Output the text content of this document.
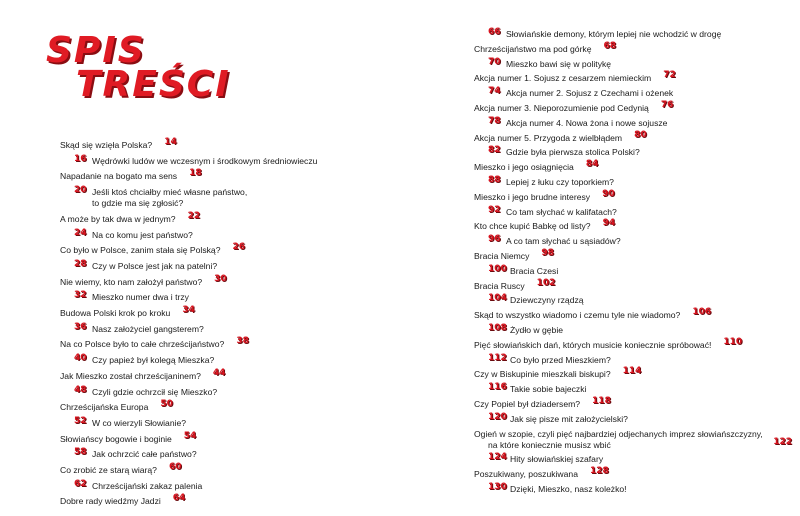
SPIS
TREŚCI
14
Skąd się wzięła Polska?
16 Wędrówki ludów we wczesnym i środkowym średniowieczu
18
Napadanie na bogato ma sens
20 Jeśli ktoś chciałby mieć własne państwo,
to gdzie ma się zgłosić?
22
A może by tak dwa w jednym?
24 Na co komu jest państwo?
26
Co było w Polsce, zanim stała się Polską?
28 Czy w Polsce jest jak na patelni?
30
Nie wiemy, kto nam założył państwo?
32 Mieszko numer dwa i trzy
34
Budowa Polski krok po kroku
36 Nasz założyciel gangsterem?
38
Na co Polsce było to całe chrześcijaństwo?
40 Czy papież był kolegą Mieszka?
44
Jak Mieszko został chrześcijaninem?
48 Czyli gdzie ochrzcił się Mieszko?
50
Chrześcijańska Europa
52 W co wierzyli Słowianie?
54
Słowiańscy bogowie i boginie
58 Jak ochrzcić całe państwo?
60
Co zrobić ze starą wiarą?
62 Chrześcijański zakaz palenia
64
Dobre rady wiedźmy Jadzi
66 Słowiańskie demony, którym lepiej nie wchodzić w drogę
68
Chrześcijaństwo ma pod górkę
70 Mieszko bawi się w politykę
72
Akcja numer 1. Sojusz z cesarzem niemieckim
74 Akcja numer 2. Sojusz z Czechami i ożenek
76
Akcja numer 3. Nieporozumienie pod Cedynią
78 Akcja numer 4. Nowa żona i nowe sojusze
80
Akcja numer 5. Przygoda z wielbłądem
82 Gdzie była pierwsza stolica Polski?
84
Mieszko i jego osiągnięcia
88 Lepiej z łuku czy toporkiem?
90
Mieszko i jego brudne interesy
92 Co tam słychać w kalifatach?
94
Kto chce kupić Babkę od listy?
96 A co tam słychać u sąsiadów?
98
Bracia Niemcy
100 Bracia Czesi
102
Bracia Ruscy
104 Dziewczyny rządzą
106
Skąd to wszystko wiadomo i czemu tyle nie wiadomo?
108 Żydło w gębie
110
Pięć słowiańskich dań, których musicie koniecznie spróbować!
112 Co było przed Mieszkiem?
114
Czy w Biskupinie mieszkali biskupi?
116 Takie sobie bajeczki
118
Czy Popiel był dziadersem?
120 Jak się pisze mit założycielski?
122
Ogień w szopie, czyli pięć najbardziej odjechanych imprez słowiańszczyzny,
na które koniecznie musisz wbić
124 Hity słowiańskiej szafary
128
Poszukiwany, poszukiwana
130 Dzięki, Mieszko, nasz koleżko!
